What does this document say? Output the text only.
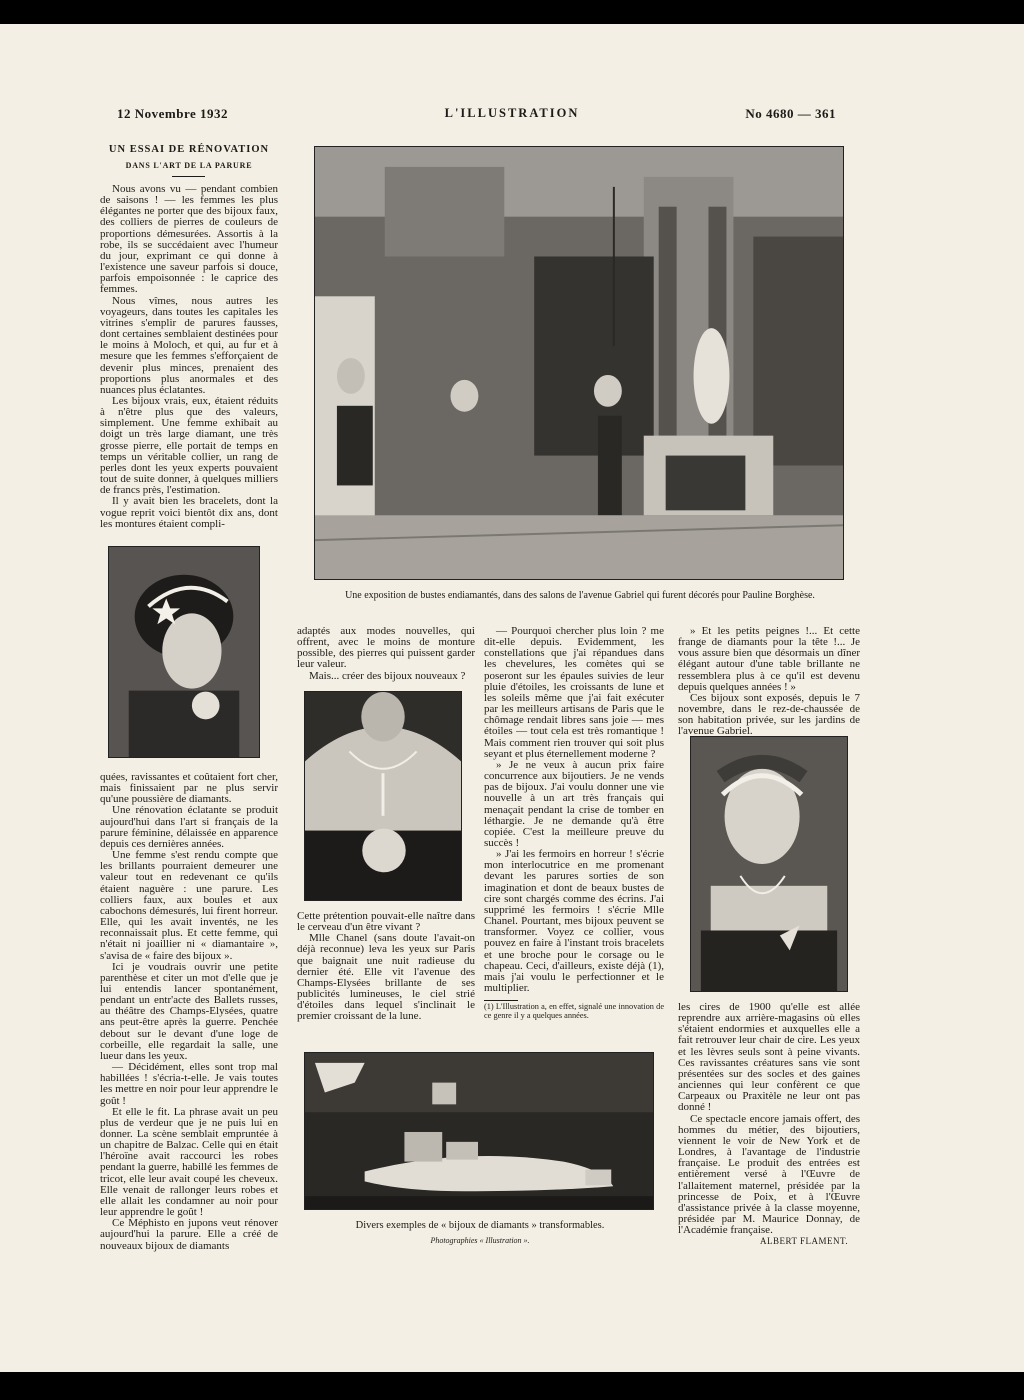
12 Novembre 1932	L'ILLUSTRATION	No 4680 — 361
UN ESSAI DE RÉNOVATION
DANS L'ART DE LA PARURE

Nous avons vu — pendant combien de saisons ! — les femmes les plus élégantes ne porter que des bijoux faux, des colliers de pierres de couleurs de proportions démesurées. Assortis à la robe, ils se succédaient avec l'humeur du jour, exprimant ce qui donne à l'existence une saveur parfois si douce, parfois empoisonnée : le caprice des femmes.

Nous vîmes, nous autres les voyageurs, dans toutes les capitales les vitrines s'emplir de parures fausses, dont certaines semblaient destinées pour le moins à Moloch, et qui, au fur et à mesure que les femmes s'efforçaient de devenir plus minces, prenaient des proportions plus anormales et des nuances plus éclatantes.

Les bijoux vrais, eux, étaient réduits à n'être plus que des valeurs, simplement. Une femme exhibait au doigt un très large diamant, une très grosse pierre, elle portait de temps en temps un véritable collier, un rang de perles dont les yeux experts pouvaient tout de suite donner, à quelques milliers de francs près, l'estimation.

Il y avait bien les bracelets, dont la vogue reprit voici bientôt dix ans, dont les montures étaient compli-

quées, ravissantes et coûtaient fort cher, mais finissaient par ne plus servir qu'une poussière de diamants.

Une rénovation éclatante se produit aujourd'hui dans l'art si français de la parure féminine, délaissée en apparence depuis ces dernières années.

Une femme s'est rendu compte que les brillants pourraient demeurer une valeur tout en redevenant ce qu'ils étaient naguère : une parure. Les colliers faux, aux boules et aux cabochons démesurés, lui firent horreur. Elle, qui les avait inventés, ne les reconnaissait plus. Et cette femme, qui n'était ni joaillier ni « diamantaire », s'avisa de « faire des bijoux ».

Ici je voudrais ouvrir une petite parenthèse et citer un mot d'elle que je lui entendis lancer spontanément, pendant un entr'acte des Ballets russes, au théâtre des Champs-Elysées, quatre ans peut-être après la guerre. Penchée debout sur le devant d'une loge de corbeille, elle regardait la salle, une lueur dans les yeux.

— Décidément, elles sont trop mal habillées ! s'écria-t-elle. Je vais toutes les mettre en noir pour leur apprendre le goût !

Et elle le fit. La phrase avait un peu plus de verdeur que je ne puis lui en donner. La scène semblait empruntée à un chapitre de Balzac. Celle qui en était l'héroïne avait raccourci les robes pendant la guerre, habillé les femmes de tricot, elle leur avait coupé les cheveux. Elle venait de rallonger leurs robes et elle allait les condamner au noir pour leur apprendre le goût !

Ce Méphisto en jupons veut rénover aujourd'hui la parure. Elle a créé de nouveaux bijoux de diamants

Une exposition de bustes endiamantés, dans des salons de l'avenue Gabriel qui furent décorés pour Pauline Borghèse.

adaptés aux modes nouvelles, qui offrent, avec le moins de monture possible, des pierres qui puissent garder leur valeur.

Mais... créer des bijoux nouveaux ?

Cette prétention pouvait-elle naître dans le cerveau d'un être vivant ?

Mlle Chanel (sans doute l'avait-on déjà reconnue) leva les yeux sur Paris que baignait une nuit radieuse du dernier été. Elle vit l'avenue des Champs-Elysées brillante de ses publicités lumineuses, le ciel strié d'étoiles dans lequel s'inclinait le premier croissant de la lune.

— Pourquoi chercher plus loin ? me dit-elle depuis. Evidemment, les constellations que j'ai répandues dans les chevelures, les comètes qui se poseront sur les épaules suivies de leur pluie d'étoiles, les croissants de lune et les soleils même que j'ai fait exécuter par les meilleurs artisans de Paris que le chômage rendait libres sans joie — mes étoiles — tout cela est très romantique ! Mais comment rien trouver qui soit plus seyant et plus éternellement moderne ?

» Je ne veux à aucun prix faire concurrence aux bijoutiers. Je ne vends pas de bijoux. J'ai voulu donner une vie nouvelle à un art très français qui menaçait pendant la crise de tomber en léthargie. Je ne demande qu'à être copiée. C'est la meilleure preuve du succès !

» J'ai les fermoirs en horreur ! s'écrie mon interlocutrice en me promenant devant les parures sorties de son imagination et dont de beaux bustes de cire sont chargés comme des écrins. J'ai supprimé les fermoirs ! s'écrie Mlle Chanel. Pourtant, mes bijoux peuvent se transformer. Voyez ce collier, vous pouvez en faire à l'instant trois bracelets et une broche pour le corsage ou le chapeau. Ceci, d'ailleurs, existe déjà (1), mais j'ai voulu le perfectionner et le multiplier.

(1) L'Illustration a, en effet, signalé une innovation de ce genre il y a quelques années.

» Et les petits peignes !... Et cette frange de diamants pour la tête !... Je vous assure bien que désormais un dîner élégant autour d'une table brillante ne ressemblera plus à ce qu'il est devenu depuis quelques années ! »

Ces bijoux sont exposés, depuis le 7 novembre, dans le rez-de-chaussée de son habitation privée, sur les jardins de l'avenue Gabriel.

les cires de 1900 qu'elle est allée reprendre aux arrière-magasins où elles s'étaient endormies et auxquelles elle a fait retrouver leur chair de cire. Les yeux et les lèvres seuls sont à peine vivants. Ces ravissantes créatures sans vie sont présentées sur des socles et des gaines anciennes qui leur confèrent ce que Carpeaux ou Praxitèle ne leur ont pas donné !

Ce spectacle encore jamais offert, des hommes du métier, des bijoutiers, viennent le voir de New York et de Londres, à l'avantage de l'industrie française. Le produit des entrées est entièrement versé à l'Œuvre de l'allaitement maternel, présidée par la princesse de Poix, et à l'Œuvre d'assistance privée à la classe moyenne, présidée par M. Maurice Donnay, de l'Académie française.

ALBERT FLAMENT.
Divers exemples de « bijoux de diamants » transformables.
Photographies « Illustration ».
